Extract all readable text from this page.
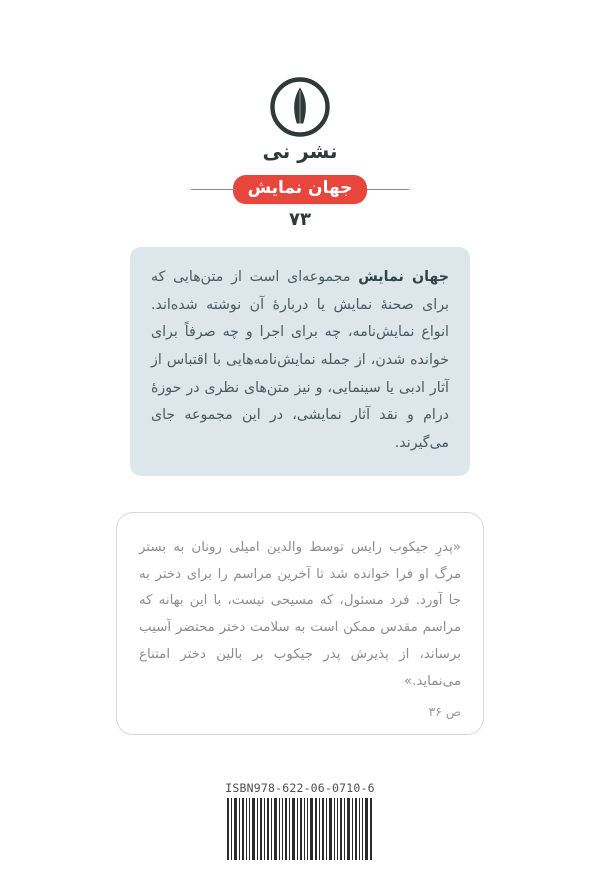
نشر نی
جهان نمایش
۷۳

جهان نمایش مجموعه‌ای است از متن‌هایی که برای صحنهٔ نمایش یا دربارهٔ آن نوشته شده‌اند. انواع نمایش‌نامه، چه برای اجرا و چه صرفاً برای خوانده شدن، از جمله نمایش‌نامه‌هایی با اقتباس از آثار ادبی یا سینمایی، و نیز متن‌های نظری در حوزهٔ درام و نقد آثار نمایشی، در این مجموعه جای می‌گیرند.

«پدرِ جیکوب رایس توسط والدین امیلی رونان به بستر مرگ او فرا خوانده شد تا آخرین مراسم را برای دختر به جا آورد. فرد مسئول، که مسیحی نیست، با این بهانه که مراسم مقدس ممکن است به سلامت دختر محتضر آسیب برساند، از پذیرش پدر جیکوب بر بالین دختر امتناع می‌نماید.»

ص ۳۶

ISBN978-622-06-0710-6
